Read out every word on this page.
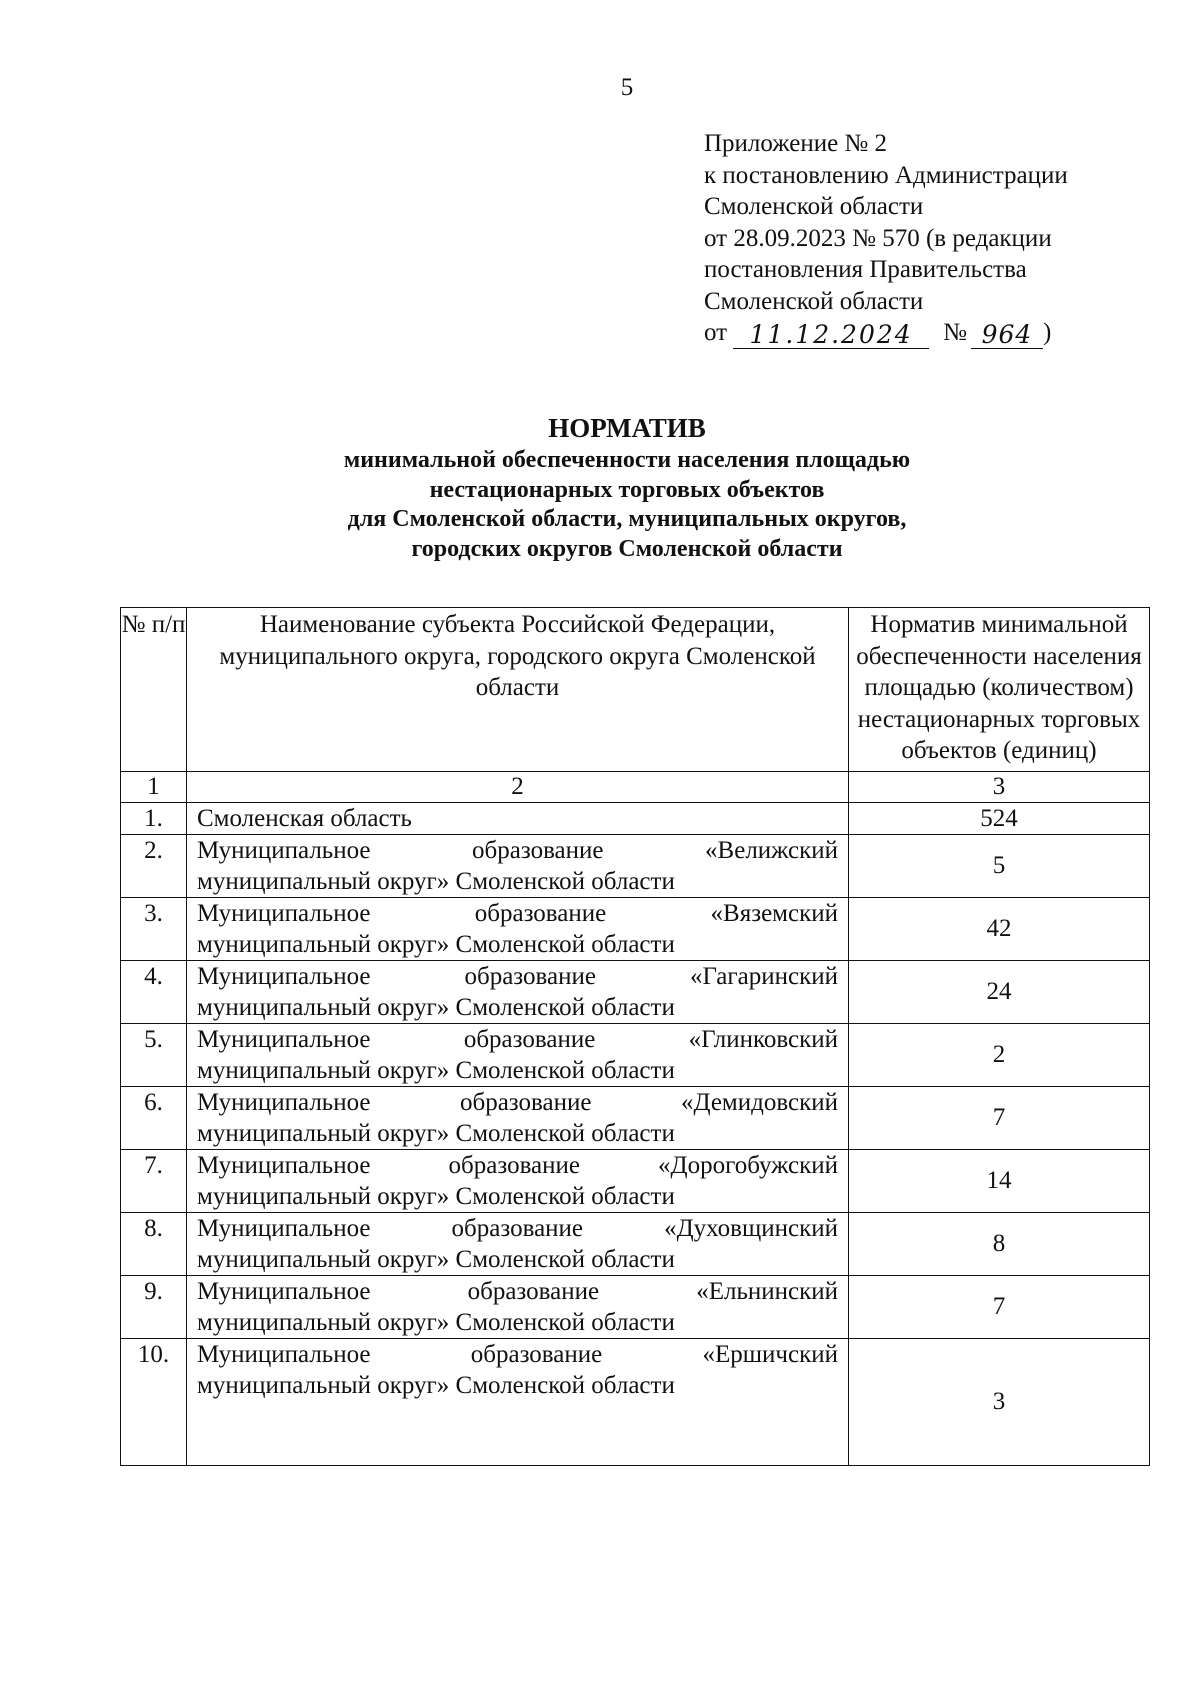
5
Приложение № 2
к постановлению Администрации
Смоленской области
от 28.09.2023 № 570 (в редакции
постановления Правительства
Смоленской области
от 11.12.2024	№ 964 )
НОРМАТИВ
минимальной обеспеченности населения площадью
нестационарных торговых объектов
для Смоленской области, муниципальных округов,
городских округов Смоленской области
№ п/п	Наименование субъекта Российской Федерации, муниципального округа, городского округа Смоленской области	Норматив минимальной обеспеченности населения площадью (количеством) нестационарных торговых объектов (единиц)
1	2	3
1.	Смоленская область	524
2.	Муниципальное образование «Велижский
муниципальный округ» Смоленской области	5
3.	Муниципальное образование «Вяземский
муниципальный округ» Смоленской области	42
4.	Муниципальное образование «Гагаринский
муниципальный округ» Смоленской области	24
5.	Муниципальное образование «Глинковский
муниципальный округ» Смоленской области	2
6.	Муниципальное образование «Демидовский
муниципальный округ» Смоленской области	7
7.	Муниципальное образование «Дорогобужский
муниципальный округ» Смоленской области	14
8.	Муниципальное образование «Духовщинский
муниципальный округ» Смоленской области	8
9.	Муниципальное образование «Ельнинский
муниципальный округ» Смоленской области	7
10.	Муниципальное образование «Ершичский
муниципальный округ» Смоленской области	3
